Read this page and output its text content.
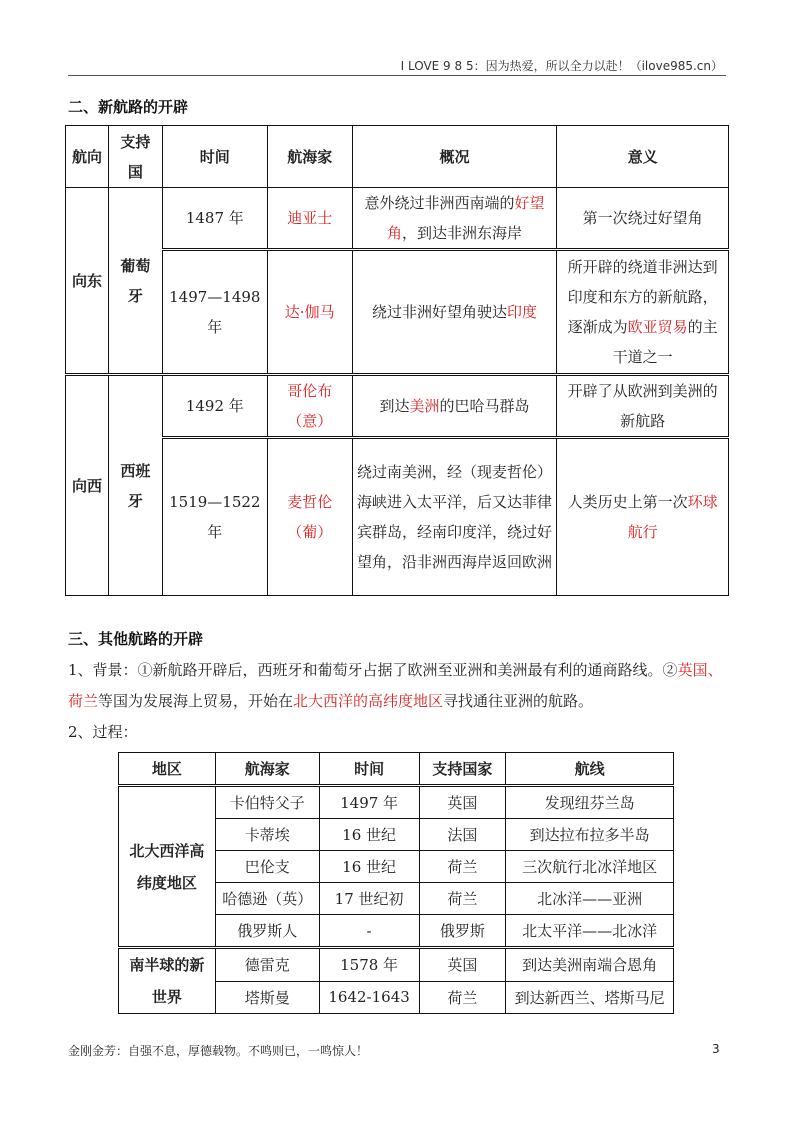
I LOVE 9 8 5：因为热爱，所以全力以赴！（ilove985.cn）
二、新航路的开辟
航向	支持国	时间	航海家	概况	意义
向东	葡萄牙	1487 年	迪亚士	意外绕过非洲西南端的好望角，到达非洲东海岸	第一次绕过好望角
		1497—1498 年	达·伽马	绕过非洲好望角驶达印度	所开辟的绕道非洲达到印度和东方的新航路，逐渐成为欧亚贸易的主干道之一
向西	西班牙	1492 年	哥伦布（意）	到达美洲的巴哈马群岛	开辟了从欧洲到美洲的新航路
		1519—1522 年	麦哲伦（葡）	绕过南美洲，经（现麦哲伦）海峡进入太平洋，后又达菲律宾群岛，经南印度洋，绕过好望角，沿非洲西海岸返回欧洲	人类历史上第一次环球航行
三、其他航路的开辟

1、背景：①新航路开辟后，西班牙和葡萄牙占据了欧洲至亚洲和美洲最有利的通商路线。②英国、荷兰等国为发展海上贸易，开始在北大西洋的高纬度地区寻找通往亚洲的航路。

2、过程：

地区	航海家	时间	支持国家	航线
北大西洋高纬度地区	卡伯特父子	1497 年	英国	发现纽芬兰岛
	卡蒂埃	16 世纪	法国	到达拉布拉多半岛
	巴伦支	16 世纪	荷兰	三次航行北冰洋地区
	哈德逊（英）	17 世纪初	荷兰	北冰洋——亚洲
	俄罗斯人	-	俄罗斯	北太平洋——北冰洋
南半球的新世界	德雷克	1578 年	英国	到达美洲南端合恩角
	塔斯曼	1642-1643	荷兰	到达新西兰、塔斯马尼
金刚金芳：自强不息，厚德载物。不鸣则已，一鸣惊人！	3
